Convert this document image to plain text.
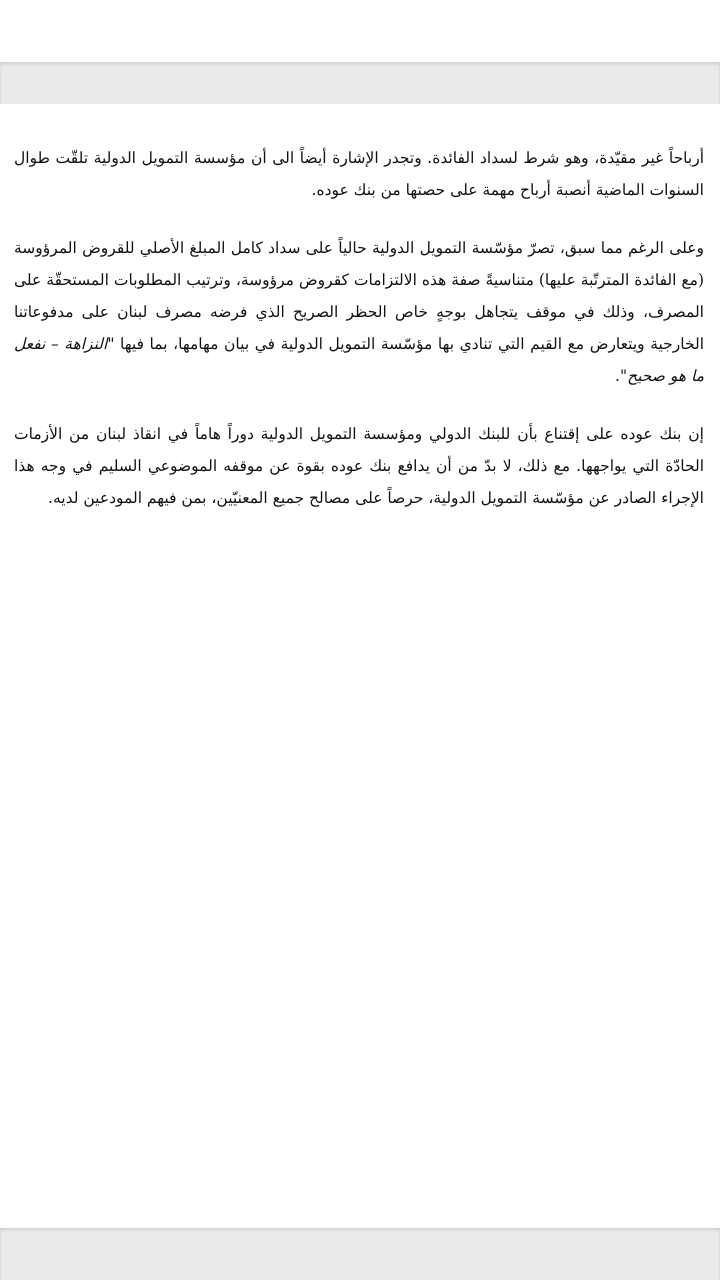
أرباحاً غير مقيّدة، وهو شرط لسداد الفائدة. وتجدر الإشارة أيضاً الى أن مؤسسة التمويل الدولية تلقّت طوال السنوات الماضية أنصبة أرباح مهمة على حصتها من بنك عوده.

وعلى الرغم مما سبق، تصرّ مؤسّسة التمويل الدولية حالياً على سداد كامل المبلغ الأصلي للقروض المرؤوسة (مع الفائدة المترتّبة عليها) متناسيةً صفة هذه الالتزامات كقروض مرؤوسة، وترتيب المطلوبات المستحقّة على المصرف، وذلك في موقف يتجاهل بوجهٍ خاص الحظر الصريح الذي فرضه مصرف لبنان على مدفوعاتنا الخارجية ويتعارض مع القيم التي تنادي بها مؤسّسة التمويل الدولية في بيان مهامها، بما فيها "النزاهة – نفعل ما هو صحيح".

إن بنك عوده على إقتناع بأن للبنك الدولي ومؤسسة التمويل الدولية دوراً هاماً في انقاذ لبنان من الأزمات الحادّة التي يواجهها. مع ذلك، لا بدّ من أن يدافع بنك عوده بقوة عن موقفه الموضوعي السليم في وجه هذا الإجراء الصادر عن مؤسّسة التمويل الدولية، حرصاً على مصالح جميع المعنيّين، بمن فيهم المودعين لديه.
